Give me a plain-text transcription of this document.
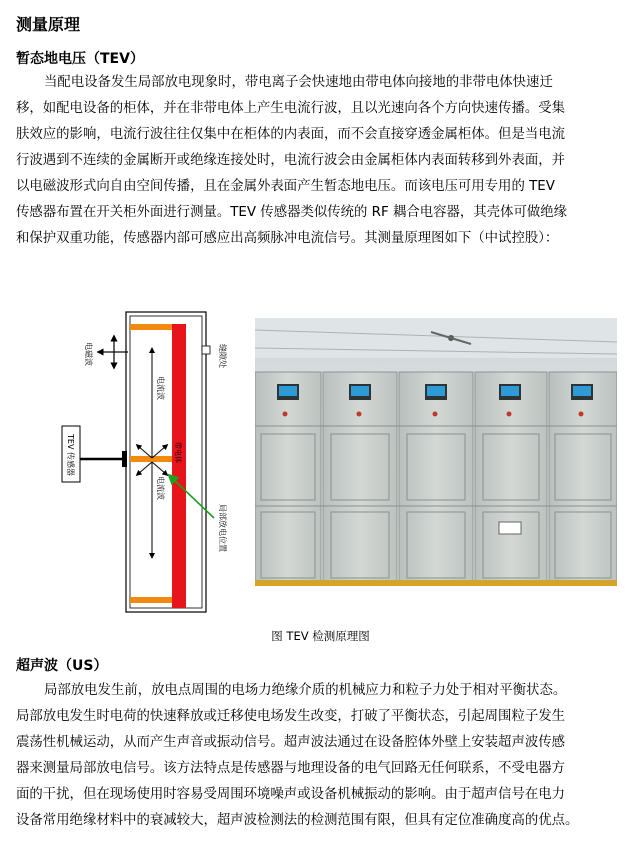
测量原理
暂态地电压（TEV）
当配电设备发生局部放电现象时，带电离子会快速地由带电体向接地的非带电体快速迁
移，如配电设备的柜体，并在非带电体上产生电流行波，且以光速向各个方向快速传播。受集
肤效应的影响，电流行波往往仅集中在柜体的内表面，而不会直接穿透金属柜体。但是当电流
行波遇到不连续的金属断开或绝缘连接处时，电流行波会由金属柜体内表面转移到外表面，并
以电磁波形式向自由空间传播，且在金属外表面产生暂态地电压。而该电压可用专用的 TEV
传感器布置在开关柜外面进行测量。TEV 传感器类似传统的 RF 耦合电容器，其壳体可做绝缘
和保护双重功能，传感器内部可感应出高频脉冲电流信号。其测量原理图如下（中试控股）：
电磁波	缝隙处
电流波
电流波
TEV 传感器
局部放电位置
带电体
图 TEV 检测原理图
超声波（US）
局部放电发生前，放电点周围的电场力绝缘介质的机械应力和粒子力处于相对平衡状态。
局部放电发生时电荷的快速释放或迁移使电场发生改变，打破了平衡状态，引起周围粒子发生
震荡性机械运动，从而产生声音或振动信号。超声波法通过在设备腔体外壁上安装超声波传感
器来测量局部放电信号。该方法特点是传感器与地理设备的电气回路无任何联系，不受电器方
面的干扰，但在现场使用时容易受周围环境噪声或设备机械振动的影响。由于超声信号在电力
设备常用绝缘材料中的衰减较大，超声波检测法的检测范围有限，但具有定位准确度高的优点。
